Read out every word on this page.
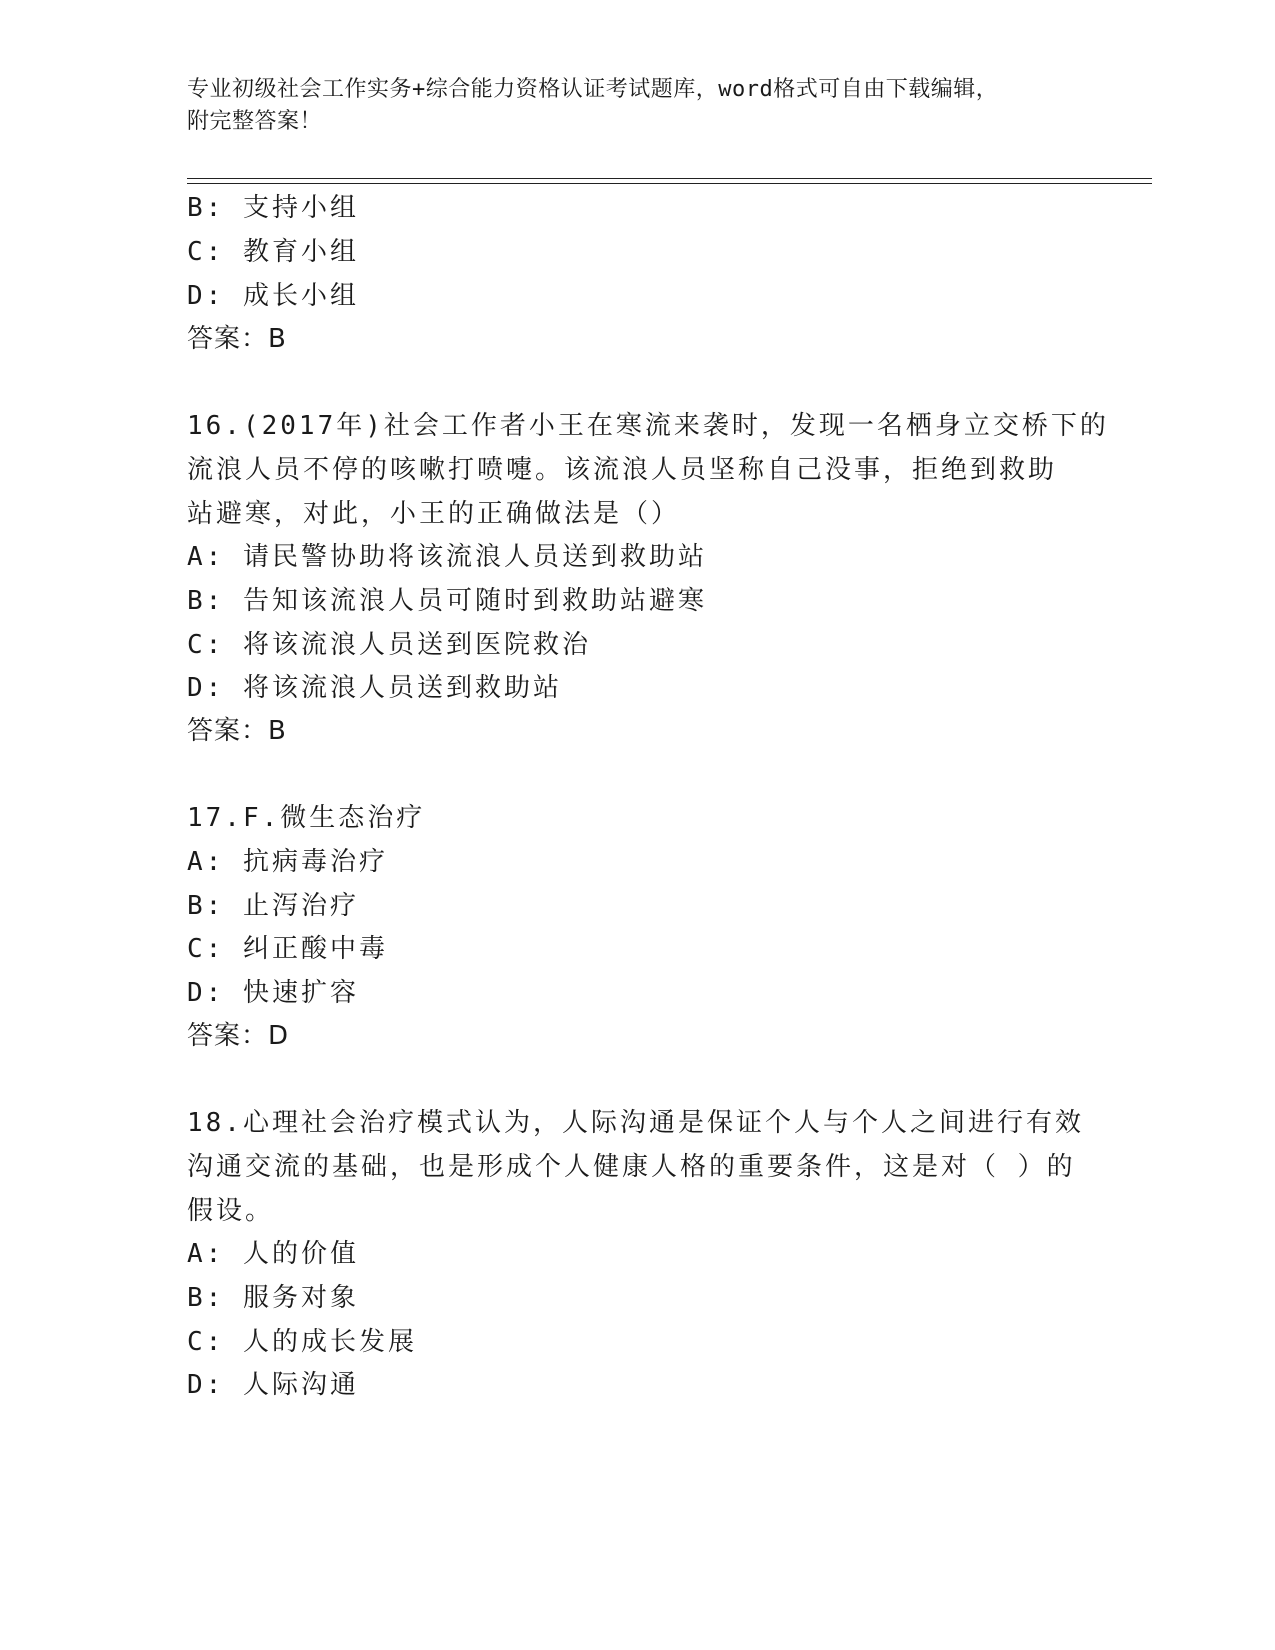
专业初级社会工作实务+综合能力资格认证考试题库，word格式可自由下载编辑，
附完整答案！
B: 支持小组
C: 教育小组
D: 成长小组
答案：B
16.(2017年)社会工作者小王在寒流来袭时，发现一名栖身立交桥下的
流浪人员不停的咳嗽打喷嚏。该流浪人员坚称自己没事，拒绝到救助
站避寒，对此，小王的正确做法是（）
A: 请民警协助将该流浪人员送到救助站
B: 告知该流浪人员可随时到救助站避寒
C: 将该流浪人员送到医院救治
D: 将该流浪人员送到救助站
答案：B
17.F.微生态治疗
A: 抗病毒治疗
B: 止泻治疗
C: 纠正酸中毒
D: 快速扩容
答案：D
18.心理社会治疗模式认为，人际沟通是保证个人与个人之间进行有效
沟通交流的基础，也是形成个人健康人格的重要条件，这是对（ ）的
假设。
A: 人的价值
B: 服务对象
C: 人的成长发展
D: 人际沟通
